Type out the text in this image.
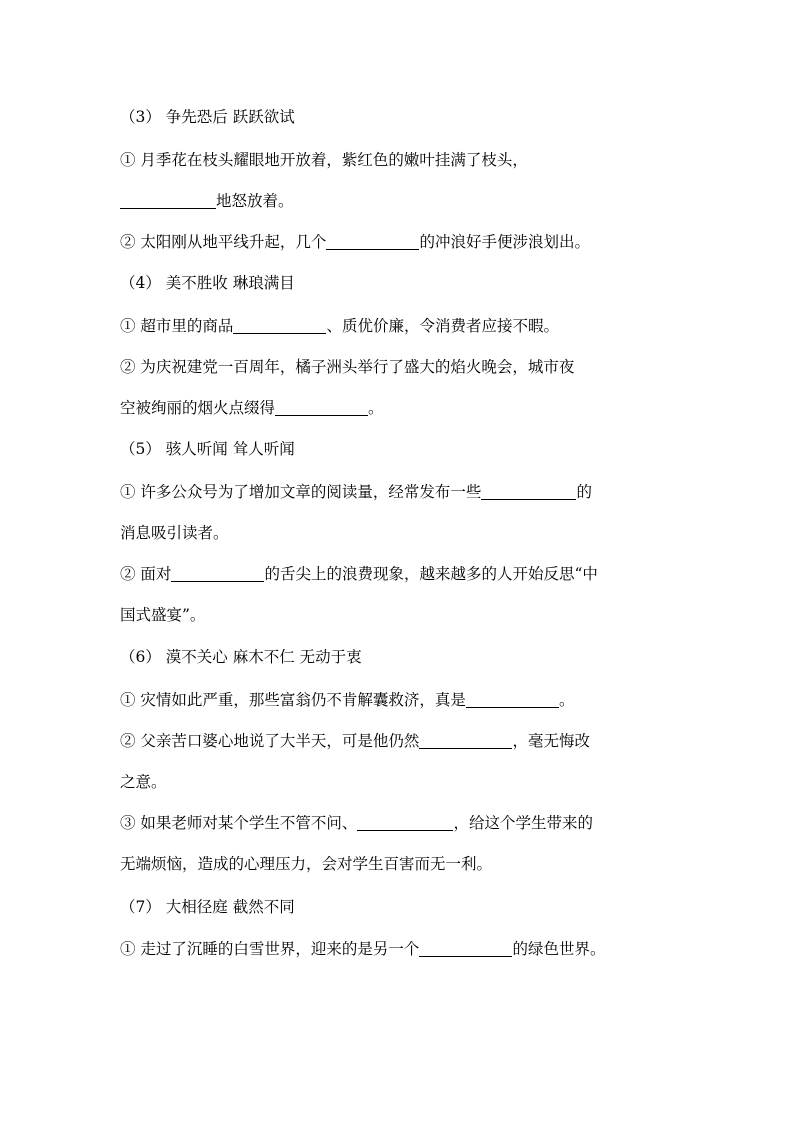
（3） 争先恐后 跃跃欲试
① 月季花在枝头耀眼地开放着，紫红色的嫩叶挂满了枝头，
地怒放着。
② 太阳刚从地平线升起，几个	的冲浪好手便涉浪划出。
（4） 美不胜收 琳琅满目
① 超市里的商品	、质优价廉，令消费者应接不暇。
② 为庆祝建党一百周年，橘子洲头举行了盛大的焰火晚会，城市夜
空被绚丽的烟火点缀得	。
（5） 骇人听闻 耸人听闻
① 许多公众号为了增加文章的阅读量，经常发布一些	的
消息吸引读者。
② 面对	的舌尖上的浪费现象，越来越多的人开始反思“中
国式盛宴”。
（6） 漠不关心 麻木不仁 无动于衷
① 灾情如此严重，那些富翁仍不肯解囊救济，真是	。
② 父亲苦口婆心地说了大半天，可是他仍然	，毫无悔改
之意。
③ 如果老师对某个学生不管不问、	，给这个学生带来的
无端烦恼，造成的心理压力，会对学生百害而无一利。
（7） 大相径庭 截然不同
① 走过了沉睡的白雪世界，迎来的是另一个	的绿色世界。
